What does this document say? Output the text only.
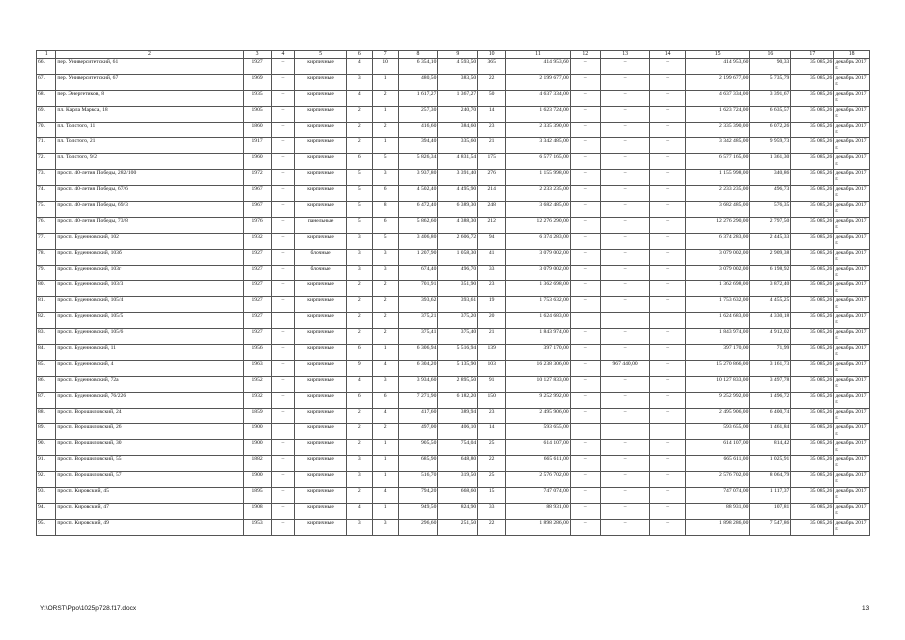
1	2	3	4	5	6	7	8	9	10	11	12	13	14	15	16	17	18
66.	пер. Университетский, 61	1927	–	кирпичные	4	10	6 354,10	4 593,50	365	414 953,60	–	–	–	414 953,60	90,33	35 085,26	декабрь 2017 г.
67.	пер. Университетский, 67	1969	–	кирпичные	3	1	480,50	383,50	22	2 199 677,00	–	–	–	2 199 677,00	5 735,79	35 085,26	декабрь 2017 г.
68.	пер. Энергетиков, 8	1935	–	кирпичные	4	2	1 617,27	1 367,27	50	4 637 334,00	–	–	–	4 637 334,00	3 391,67	35 085,26	декабрь 2017 г.
69.	пл. Карла Маркса, 18	1905	–	кирпичные	2	1	257,30	240,70	14	1 623 724,00	–	–	–	1 623 724,00	6 635,57	35 085,26	декабрь 2017 г.
70.	пл. Толстого, 11	1860	–	кирпичные	2	2	416,60	384,60	23	2 335 390,00	–	–	–	2 335 390,00	6 072,26	35 085,26	декабрь 2017 г.
71.	пл. Толстого, 21	1917	–	кирпичные	2	1	394,40	335,60	21	3 342 485,00	–	–	–	3 342 485,00	9 959,73	35 085,26	декабрь 2017 г.
72.	пл. Толстого, 9/2	1960	–	кирпичные	6	5	5 826,34	4 831,54	175	6 577 165,00	–	–	–	6 577 165,00	1 361,30	35 085,26	декабрь 2017 г.
73.	просп. 40-летия Победы, 282/100	1972	–	кирпичные	5	3	3 937,80	3 391,40	276	1 155 998,00	–	–	–	1 155 998,00	340,86	35 085,26	декабрь 2017 г.
74.	просп. 40-летия Победы, 67/6	1967	–	кирпичные	5	6	4 502,40	4 495,90	214	2 233 235,00	–	–	–	2 233 235,00	496,73	35 085,26	декабрь 2017 г.
75.	просп. 40-летия Победы, 69/3	1967	–	кирпичные	5	8	6 472,40	6 389,30	248	3 682 485,00	–	–	–	3 682 485,00	576,35	35 085,26	декабрь 2017 г.
76.	просп. 40-летия Победы, 73/8	1976	–	панельные	5	6	5 862,60	4 388,30	212	12 276 290,00	–	–	–	12 276 290,00	2 797,50	35 085,26	декабрь 2017 г.
77.	просп. Буденновский, 102	1932	–	кирпичные	3	5	3 406,80	2 606,72	94	6 374 283,00	–	–	–	6 374 283,00	2 445,33	35 085,26	декабрь 2017 г.
78.	просп. Буденновский, 103б	1927	–	блочные	3	3	1 207,90	1 058,30	41	3 079 002,00	–	–	–	3 079 002,00	2 909,38	35 085,26	декабрь 2017 г.
79.	просп. Буденновский, 103г	1927	–	блочные	3	3	674,40	496,70	33	3 079 002,00	–	–	–	3 079 002,00	6 198,92	35 085,26	декабрь 2017 г.
80.	просп. Буденновский, 103/3	1927	–	кирпичные	2	2	701,91	351,90	23	1 362 698,00	–	–	–	1 362 698,00	3 872,40	35 085,26	декабрь 2017 г.
81.	просп. Буденновский, 105/4	1927	–	кирпичные	2	2	393,62	393,61	19	1 753 632,00	–	–	–	1 753 632,00	4 455,25	35 085,26	декабрь 2017 г.
82.	просп. Буденновский, 105/5	1927		кирпичные	2	2	375,21	375,20	20	1 624 683,00				1 624 683,00	4 330,18	35 085,26	декабрь 2017 г.
83.	просп. Буденновский, 105/6	1927	–	кирпичные	2	2	375,41	375,40	21	1 843 974,00	–	–	–	1 843 974,00	4 912,02	35 085,26	декабрь 2017 г.
84.	просп. Буденновский, 11	1956	–	кирпичные	6	1	6 306,94	5 516,94	139	397 170,00	–	–	–	397 170,00	71,99	35 085,26	декабрь 2017 г.
85.	просп. Буденновский, 4	1963	–	кирпичные	9	4	6 304,20	5 135,90	103	16 238 306,00	–	967 440,00	–	15 270 866,00	3 161,73	35 085,26	декабрь 2017 г.
86.	просп. Буденновский, 72а	1952	–	кирпичные	4	3	3 934,60	2 895,50	91	10 127 833,00	–	–	–	10 127 833,00	3 497,78	35 085,26	декабрь 2017 г.
87.	просп. Буденновский, 76/226	1932	–	кирпичные	6	6	7 271,90	6 182,20	150	9 252 992,00	–	–	–	9 252 992,00	1 496,72	35 085,26	декабрь 2017 г.
88.	просп. Ворошиловский, 24	1859	–	кирпичные	2	4	417,60	389,94	23	2 495 906,00	–	–	–	2 495 906,00	6 400,74	35 085,26	декабрь 2017 г.
89.	просп. Ворошиловский, 26	1900		кирпичные	2	2	497,00	406,10	14	593 655,00				593 655,00	1 461,84	35 085,26	декабрь 2017 г.
90.	просп. Ворошиловский, 30	1900	–	кирпичные	2	1	905,50	754,04	25	614 107,00	–	–	–	614 107,00	814,42	35 085,26	декабрь 2017 г.
91.	просп. Ворошиловский, 55	1882	–	кирпичные	3	1	685,90	648,80	22	665 611,00	–	–	–	665 611,00	1 025,91	35 085,26	декабрь 2017 г.
92.	просп. Ворошиловский, 57	1900	–	кирпичные	3	1	516,70	319,50	25	2 576 702,00	–	–	–	2 576 702,00	8 064,79	35 085,26	декабрь 2017 г.
93.	просп. Кировский, 45	1895	–	кирпичные	2	4	794,20	668,60	15	747 074,00	–	–	–	747 074,00	1 117,37	35 085,26	декабрь 2017 г.
94.	просп. Кировский, 47	1908	–	кирпичные	4	1	949,50	824,90	33	88 931,00	–	–	–	88 931,00	107,81	35 085,26	декабрь 2017 г.
95.	просп. Кировский, 49	1953	–	кирпичные	3	3	296,60	251,50	22	1 898 286,00	–	–	–	1 898 286,00	7 547,86	35 085,26	декабрь 2017 г.
Y:\ORST\Ppo\1025p728.f17.docx	13
